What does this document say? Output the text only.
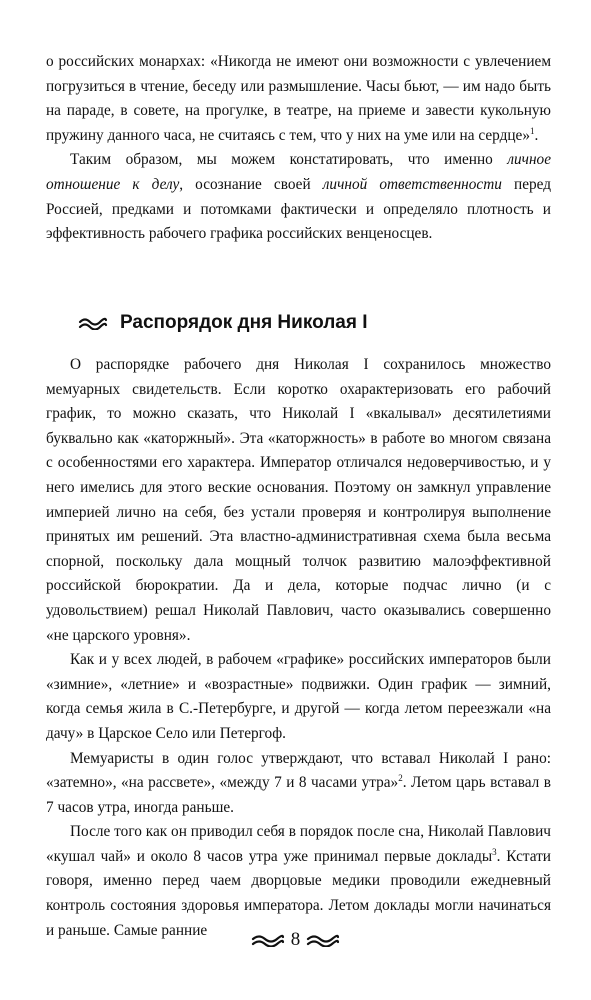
о российских монархах: «Никогда не имеют они возможности с увлечением погрузиться в чтение, беседу или размышление. Часы бьют, — им надо быть на параде, в совете, на прогулке, в театре, на приеме и завести кукольную пружину данного часа, не считаясь с тем, что у них на уме или на сердце»$^1$.

Таким образом, мы можем констатировать, что именно личное отношение к делу, осознание своей личной ответственности перед Россией, предками и потомками фактически и определяло плотность и эффективность рабочего графика российских венценосцев.

Распорядок дня Николая I

О распорядке рабочего дня Николая I сохранилось множество мемуарных свидетельств. Если коротко охарактеризовать его рабочий график, то можно сказать, что Николай I «вкалывал» десятилетиями буквально как «каторжный». Эта «каторжность» в работе во многом связана с особенностями его характера. Император отличался недоверчивостью, и у него имелись для этого веские основания. Поэтому он замкнул управление империей лично на себя, без устали проверяя и контролируя выполнение принятых им решений. Эта властно-административная схема была весьма спорной, поскольку дала мощный толчок развитию малоэффективной российской бюрократии. Да и дела, которые подчас лично (и с удовольствием) решал Николай Павлович, часто оказывались совершенно «не царского уровня».

Как и у всех людей, в рабочем «графике» российских императоров были «зимние», «летние» и «возрастные» подвижки. Один график — зимний, когда семья жила в С.-Петербурге, и другой — когда летом переезжали «на дачу» в Царское Село или Петергоф.

Мемуаристы в один голос утверждают, что вставал Николай I рано: «затемно», «на рассвете», «между 7 и 8 часами утра»$^2$. Летом царь вставал в 7 часов утра, иногда раньше.

После того как он приводил себя в порядок после сна, Николай Павлович «кушал чай» и около 8 часов утра уже принимал первые доклады$^3$. Кстати говоря, именно перед чаем дворцовые медики проводили ежедневный контроль состояния здоровья императора. Летом доклады могли начинаться и раньше. Самые ранние	8
